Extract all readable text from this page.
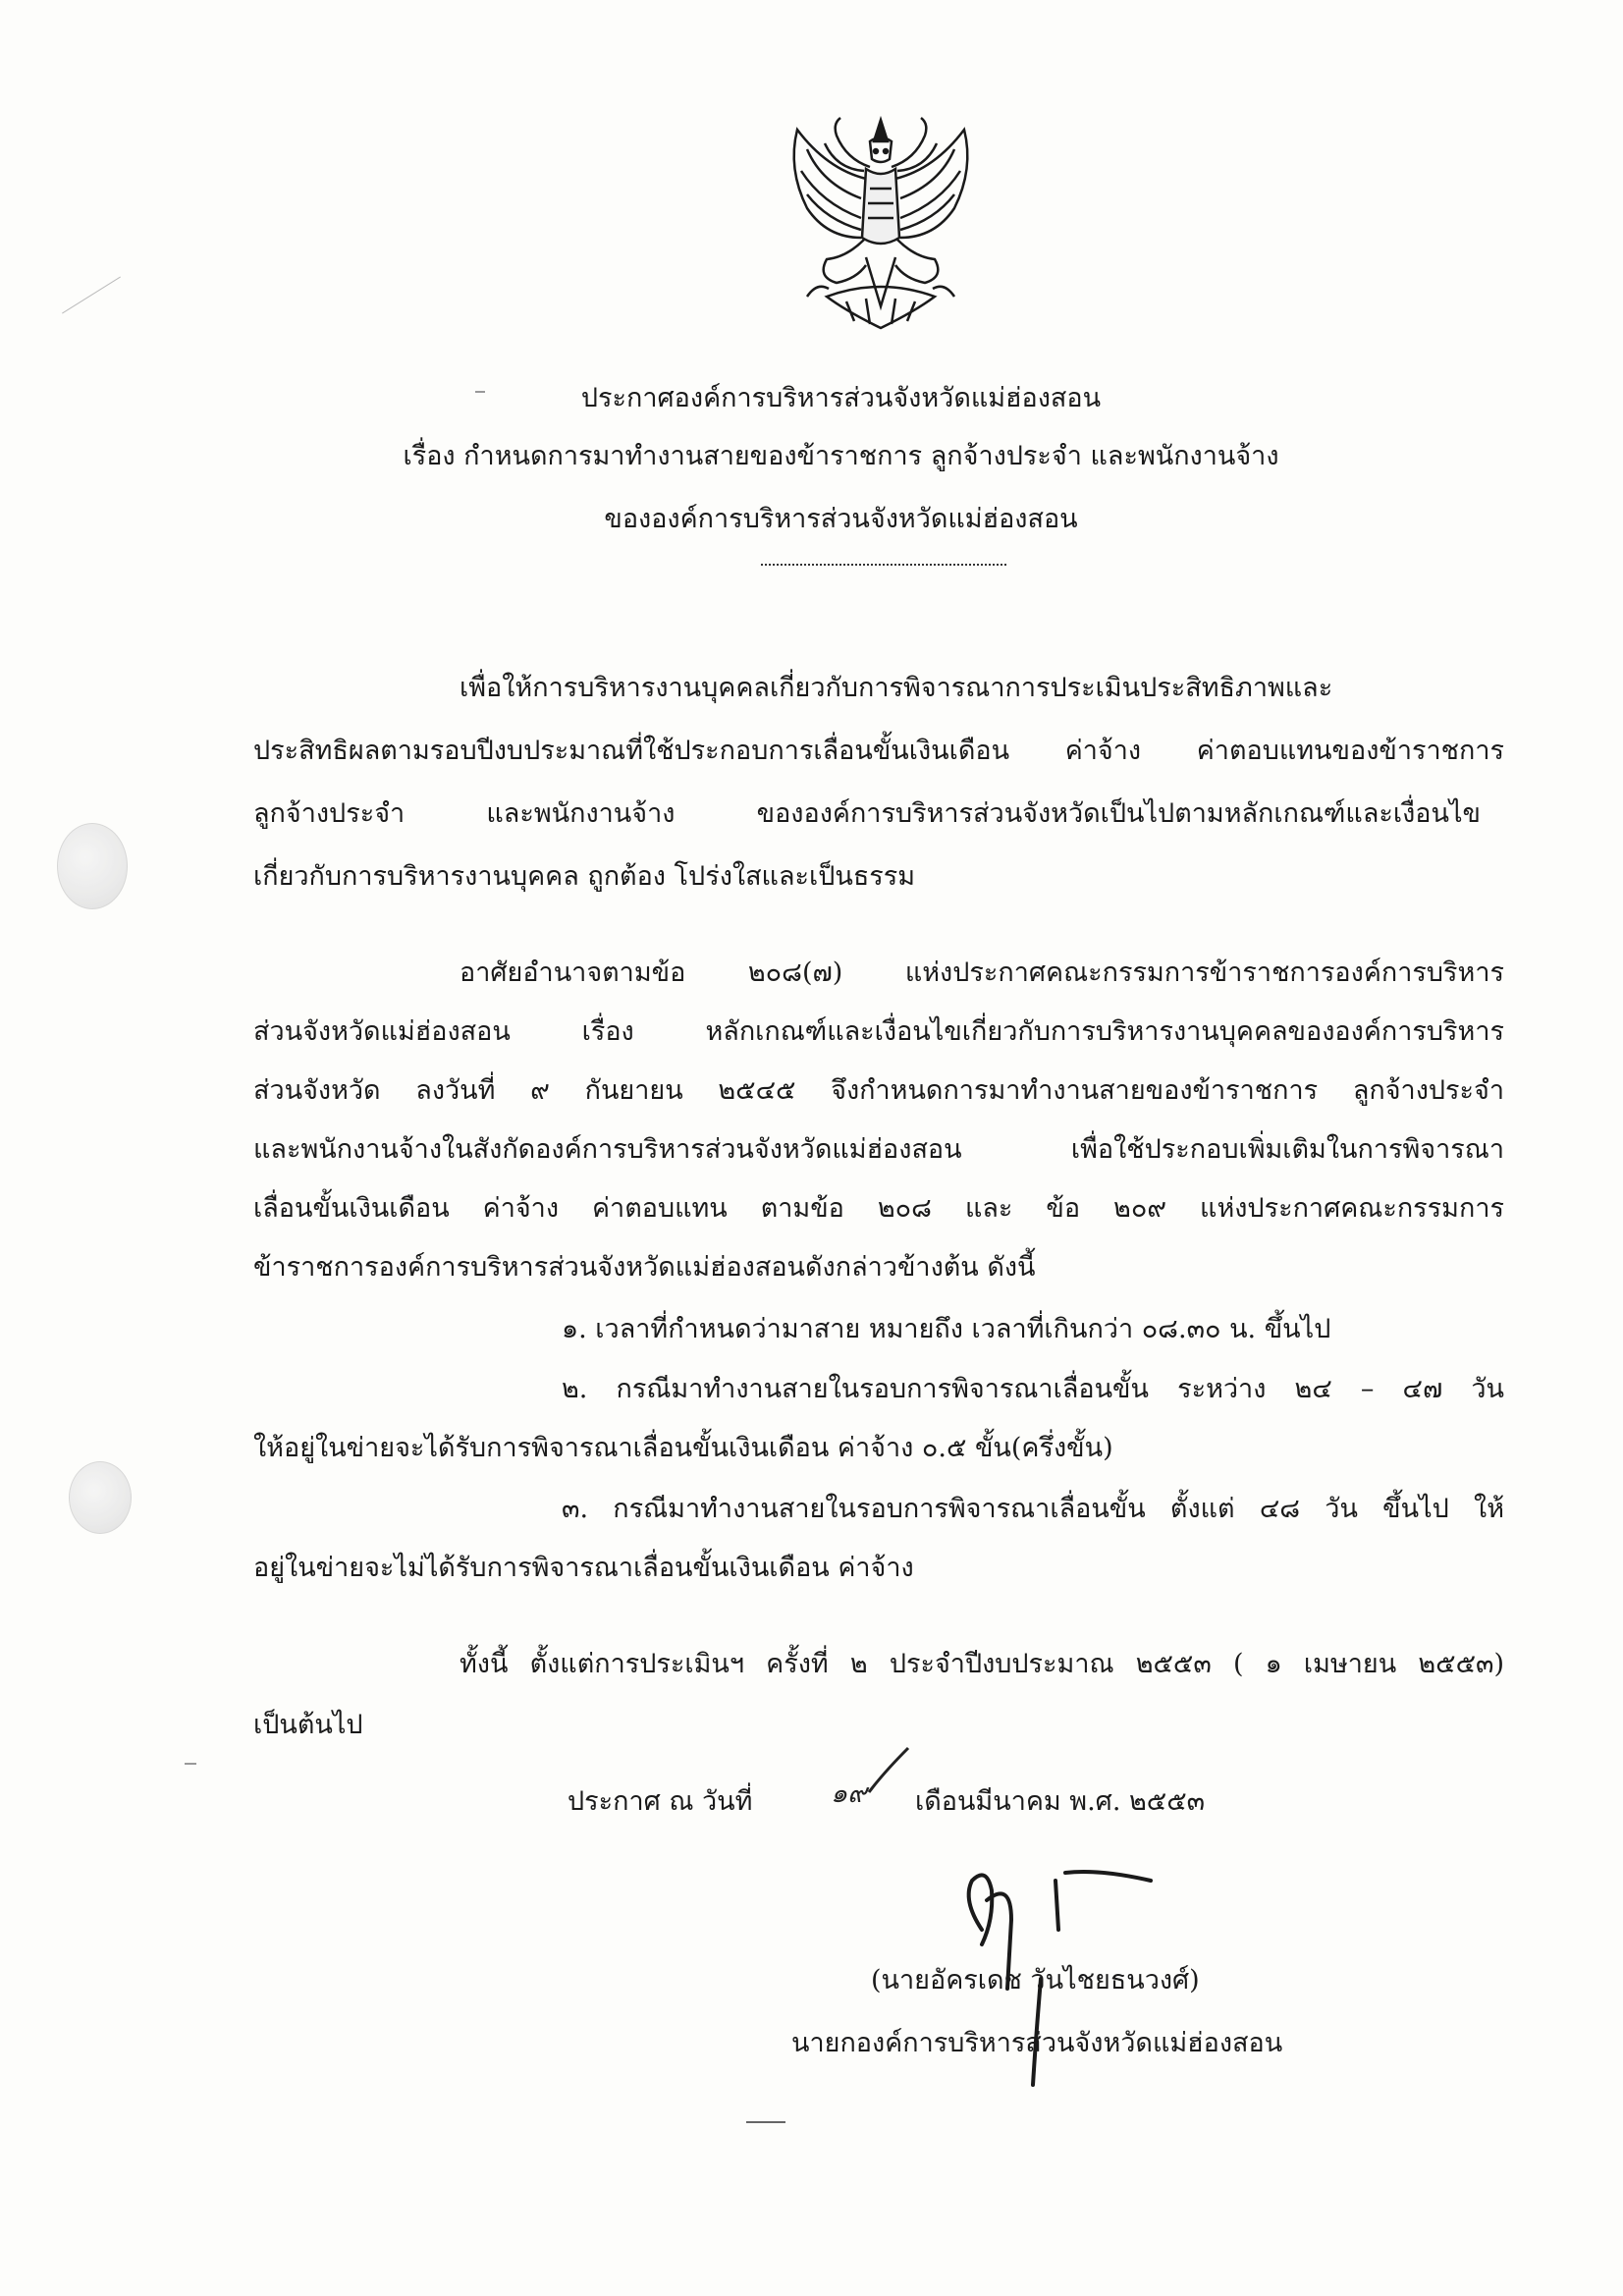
ประกาศองค์การบริหารส่วนจังหวัดแม่ฮ่องสอน
เรื่อง กำหนดการมาทำงานสายของข้าราชการ ลูกจ้างประจำ และพนักงานจ้าง
ขององค์การบริหารส่วนจังหวัดแม่ฮ่องสอน
เพื่อให้การบริหารงานบุคคลเกี่ยวกับการพิจารณาการประเมินประสิทธิภาพและ
ประสิทธิผลตามรอบปีงบประมาณที่ใช้ประกอบการเลื่อนขั้นเงินเดือน ค่าจ้าง ค่าตอบแทนของข้าราชการ
ลูกจ้างประจำ และพนักงานจ้าง ขององค์การบริหารส่วนจังหวัดเป็นไปตามหลักเกณฑ์และเงื่อนไข
เกี่ยวกับการบริหารงานบุคคล ถูกต้อง โปร่งใสและเป็นธรรม
อาศัยอำนาจตามข้อ ๒๐๘(๗) แห่งประกาศคณะกรรมการข้าราชการองค์การบริหาร
ส่วนจังหวัดแม่ฮ่องสอน เรื่อง หลักเกณฑ์และเงื่อนไขเกี่ยวกับการบริหารงานบุคคลขององค์การบริหาร
ส่วนจังหวัด ลงวันที่ ๙ กันยายน ๒๕๔๕ จึงกำหนดการมาทำงานสายของข้าราชการ ลูกจ้างประจำ
และพนักงานจ้างในสังกัดองค์การบริหารส่วนจังหวัดแม่ฮ่องสอน เพื่อใช้ประกอบเพิ่มเติมในการพิจารณา
เลื่อนขั้นเงินเดือน ค่าจ้าง ค่าตอบแทน ตามข้อ ๒๐๘ และ ข้อ ๒๐๙ แห่งประกาศคณะกรรมการ
ข้าราชการองค์การบริหารส่วนจังหวัดแม่ฮ่องสอนดังกล่าวข้างต้น ดังนี้
๑. เวลาที่กำหนดว่ามาสาย หมายถึง เวลาที่เกินกว่า ๐๘.๓๐ น. ขึ้นไป
๒. กรณีมาทำงานสายในรอบการพิจารณาเลื่อนขั้น ระหว่าง ๒๔ – ๔๗ วัน
ให้อยู่ในข่ายจะได้รับการพิจารณาเลื่อนขั้นเงินเดือน ค่าจ้าง ๐.๕ ขั้น(ครึ่งขั้น)
๓. กรณีมาทำงานสายในรอบการพิจารณาเลื่อนขั้น ตั้งแต่ ๔๘ วัน ขึ้นไป ให้
อยู่ในข่ายจะไม่ได้รับการพิจารณาเลื่อนขั้นเงินเดือน ค่าจ้าง
ทั้งนี้ ตั้งแต่การประเมินฯ ครั้งที่ ๒ ประจำปีงบประมาณ ๒๕๕๓ ( ๑ เมษายน ๒๕๕๓)
เป็นต้นไป
ประกาศ ณ วันที่	๑๙ เดือนมีนาคม พ.ศ. ๒๕๕๓
(นายอัครเดช วันไชยธนวงศ์)
นายกองค์การบริหารส่วนจังหวัดแม่ฮ่องสอน
